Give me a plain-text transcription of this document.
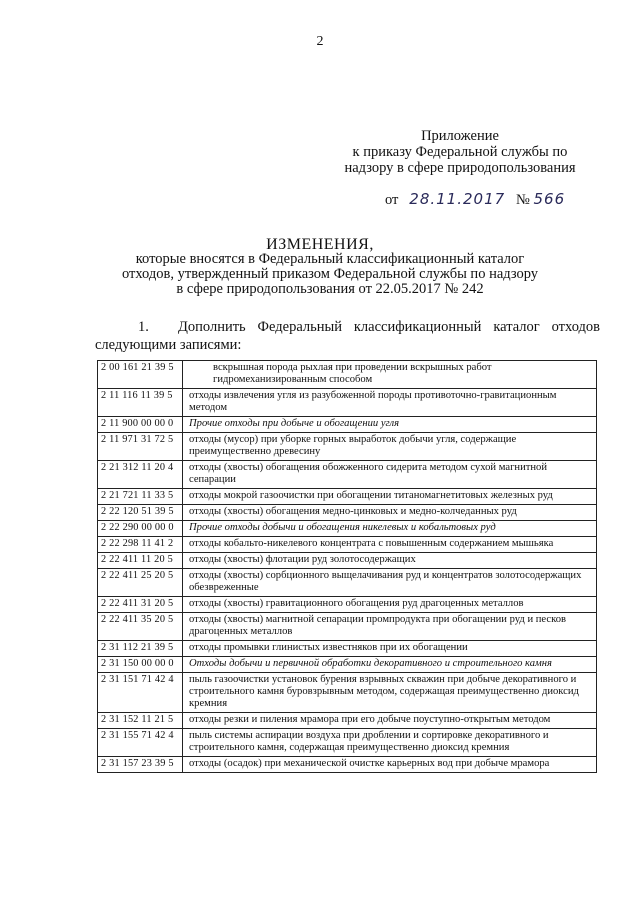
2
Приложение
к приказу Федеральной службы по
надзору в сфере природопользования
от 28.11.2017 № 566
ИЗМЕНЕНИЯ,
которые вносятся в Федеральный классификационный каталог отходов, утвержденный приказом Федеральной службы по надзору в сфере природопользования от 22.05.2017 № 242
1. Дополнить Федеральный классификационный каталог отходов следующими записями:
2 00 161 21 39 5	вскрышная порода рыхлая при проведении вскрышных работ гидромеханизированным способом
2 11 116 11 39 5	отходы извлечения угля из разубоженной породы противоточно-гравитационным методом
2 11 900 00 00 0	Прочие отходы при добыче и обогащении угля
2 11 971 31 72 5	отходы (мусор) при уборке горных выработок добычи угля, содержащие преимущественно древесину
2 21 312 11 20 4	отходы (хвосты) обогащения обожженного сидерита методом сухой магнитной сепарации
2 21 721 11 33 5	отходы мокрой газоочистки при обогащении титаномагнетитовых железных руд
2 22 120 51 39 5	отходы (хвосты) обогащения медно-цинковых и медно-колчеданных руд
2 22 290 00 00 0	Прочие отходы добычи и обогащения никелевых и кобальтовых руд
2 22 298 11 41 2	отходы кобальто-никелевого концентрата с повышенным содержанием мышьяка
2 22 411 11 20 5	отходы (хвосты) флотации руд золотосодержащих
2 22 411 25 20 5	отходы (хвосты) сорбционного выщелачивания руд и концентратов золотосодержащих обезвреженные
2 22 411 31 20 5	отходы (хвосты) гравитационного обогащения руд драгоценных металлов
2 22 411 35 20 5	отходы (хвосты) магнитной сепарации промпродукта при обогащении руд и песков драгоценных металлов
2 31 112 21 39 5	отходы промывки глинистых известняков при их обогащении
2 31 150 00 00 0	Отходы добычи и первичной обработки декоративного и строительного камня
2 31 151 71 42 4	пыль газоочистки установок бурения взрывных скважин при добыче декоративного и строительного камня буровзрывным методом, содержащая преимущественно диоксид кремния
2 31 152 11 21 5	отходы резки и пиления мрамора при его добыче поуступно-открытым методом
2 31 155 71 42 4	пыль системы аспирации воздуха при дроблении и сортировке декоративного и строительного камня, содержащая преимущественно диоксид кремния
2 31 157 23 39 5	отходы (осадок) при механической очистке карьерных вод при добыче мрамора
